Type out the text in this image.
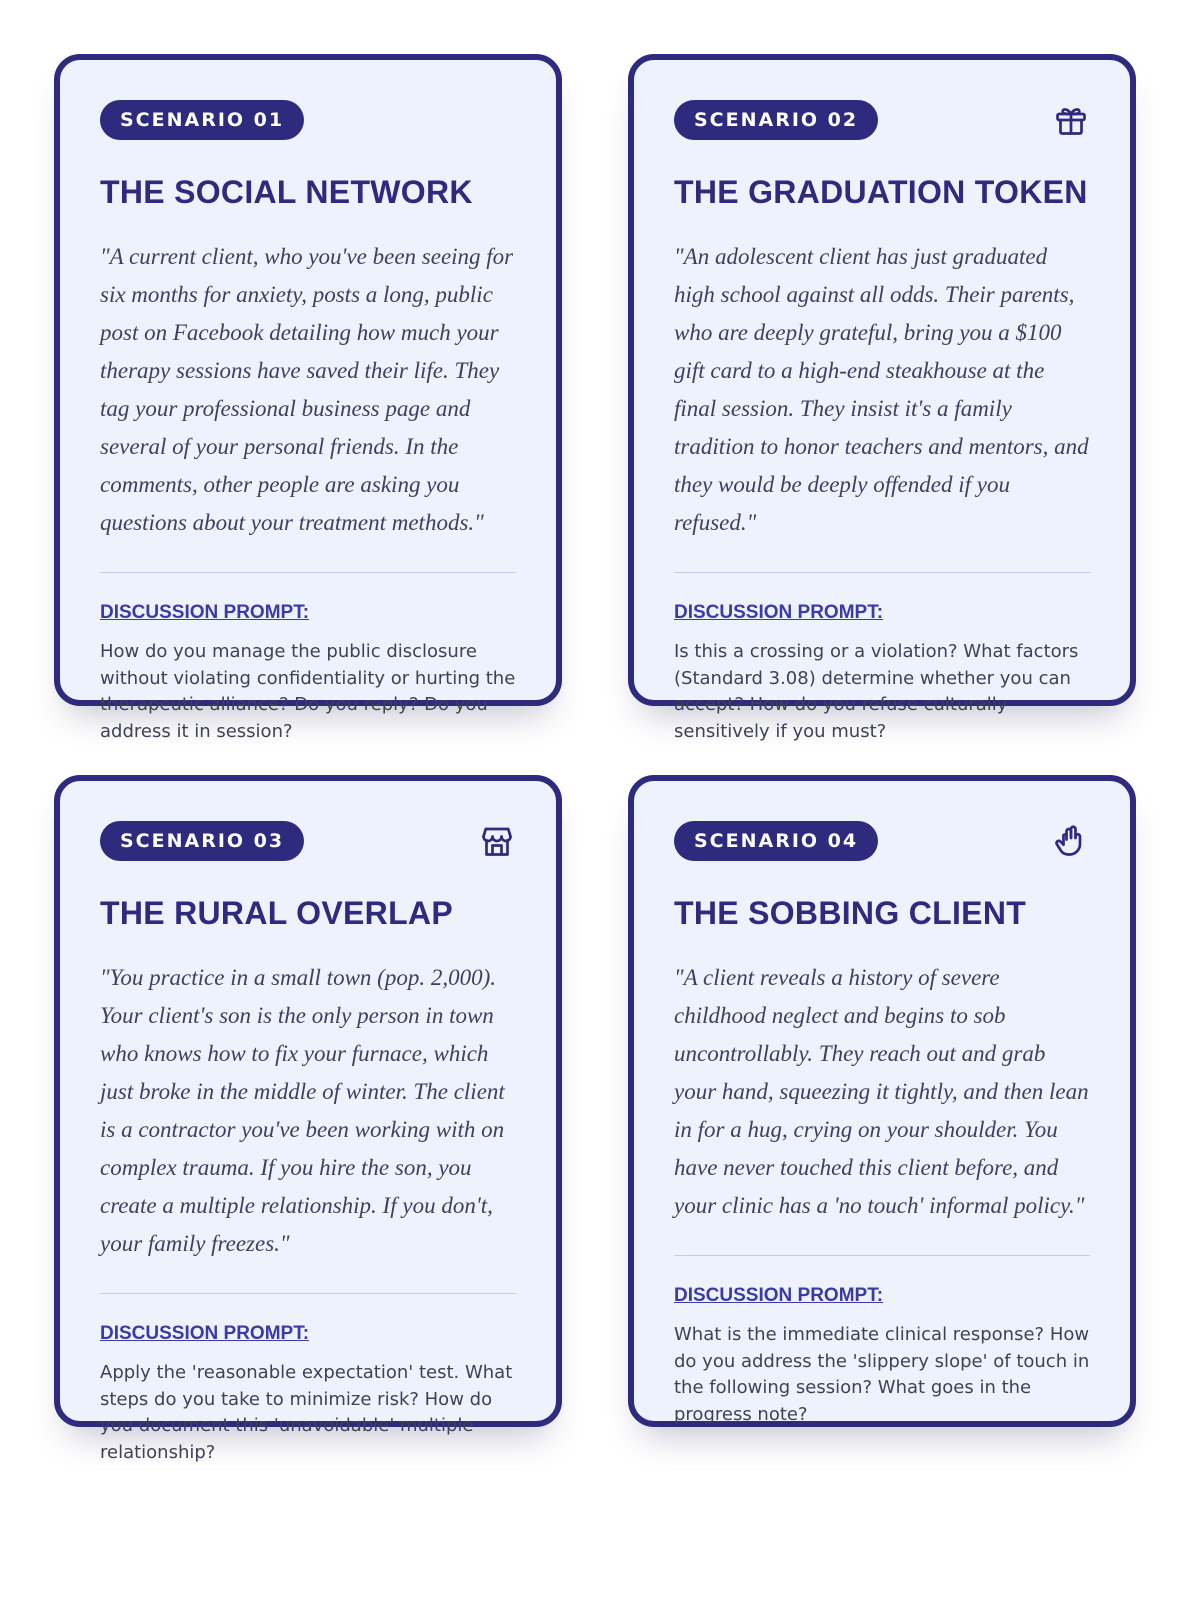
SCENARIO 01
THE SOCIAL NETWORK
"A current client, who you've been seeing for six months for anxiety, posts a long, public post on Facebook detailing how much your therapy sessions have saved their life. They tag your professional business page and several of your personal friends. In the comments, other people are asking you questions about your treatment methods."
DISCUSSION PROMPT:
How do you manage the public disclosure without violating confidentiality or hurting the therapeutic alliance? Do you reply? Do you address it in session?
SCENARIO 02
THE GRADUATION TOKEN
"An adolescent client has just graduated high school against all odds. Their parents, who are deeply grateful, bring you a $100 gift card to a high-end steakhouse at the final session. They insist it's a family tradition to honor teachers and mentors, and they would be deeply offended if you refused."
DISCUSSION PROMPT:
Is this a crossing or a violation? What factors (Standard 3.08) determine whether you can accept? How do you refuse culturally sensitively if you must?
SCENARIO 03
THE RURAL OVERLAP
"You practice in a small town (pop. 2,000). Your client's son is the only person in town who knows how to fix your furnace, which just broke in the middle of winter. The client is a contractor you've been working with on complex trauma. If you hire the son, you create a multiple relationship. If you don't, your family freezes."
DISCUSSION PROMPT:
Apply the 'reasonable expectation' test. What steps do you take to minimize risk? How do you document this 'unavoidable' multiple relationship?
SCENARIO 04
THE SOBBING CLIENT
"A client reveals a history of severe childhood neglect and begins to sob uncontrollably. They reach out and grab your hand, squeezing it tightly, and then lean in for a hug, crying on your shoulder. You have never touched this client before, and your clinic has a 'no touch' informal policy."
DISCUSSION PROMPT:
What is the immediate clinical response? How do you address the 'slippery slope' of touch in the following session? What goes in the progress note?
